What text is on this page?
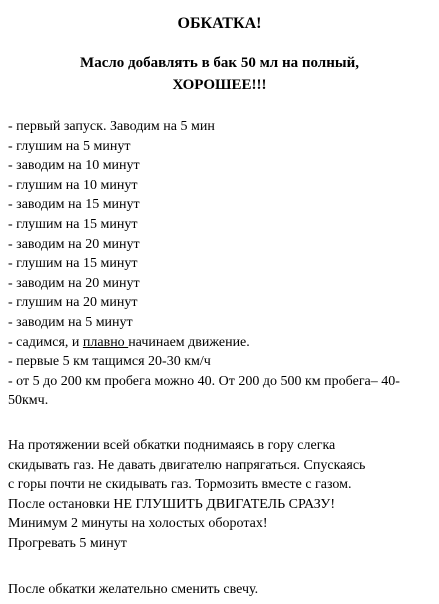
ОБКАТКА!
Масло добавлять в бак 50 мл на полный,
ХОРОШЕЕ!!!
- первый запуск. Заводим на 5 мин
- глушим на 5 минут
- заводим на 10 минут
- глушим на 10 минут
- заводим на 15 минут
- глушим на 15 минут
- заводим на 20 минут
- глушим на 15 минут
- заводим на 20 минут
- глушим на 20 минут
- заводим на 5 минут
- садимся, и плавно начинаем движение.
- первые 5 км тащимся 20-30 км/ч
- от 5 до 200 км пробега можно 40. От 200 до 500 км пробега– 40- 50кмч.
На протяжении всей обкатки поднимаясь в гору слегка
скидывать газ. Не давать двигателю напрягаться. Спускаясь
с горы почти не скидывать газ. Тормозить вместе с газом.
После остановки НЕ ГЛУШИТЬ ДВИГАТЕЛЬ СРАЗУ!
Минимум 2 минуты на холостых оборотах!
Прогревать 5 минут
После обкатки желательно сменить свечу.
